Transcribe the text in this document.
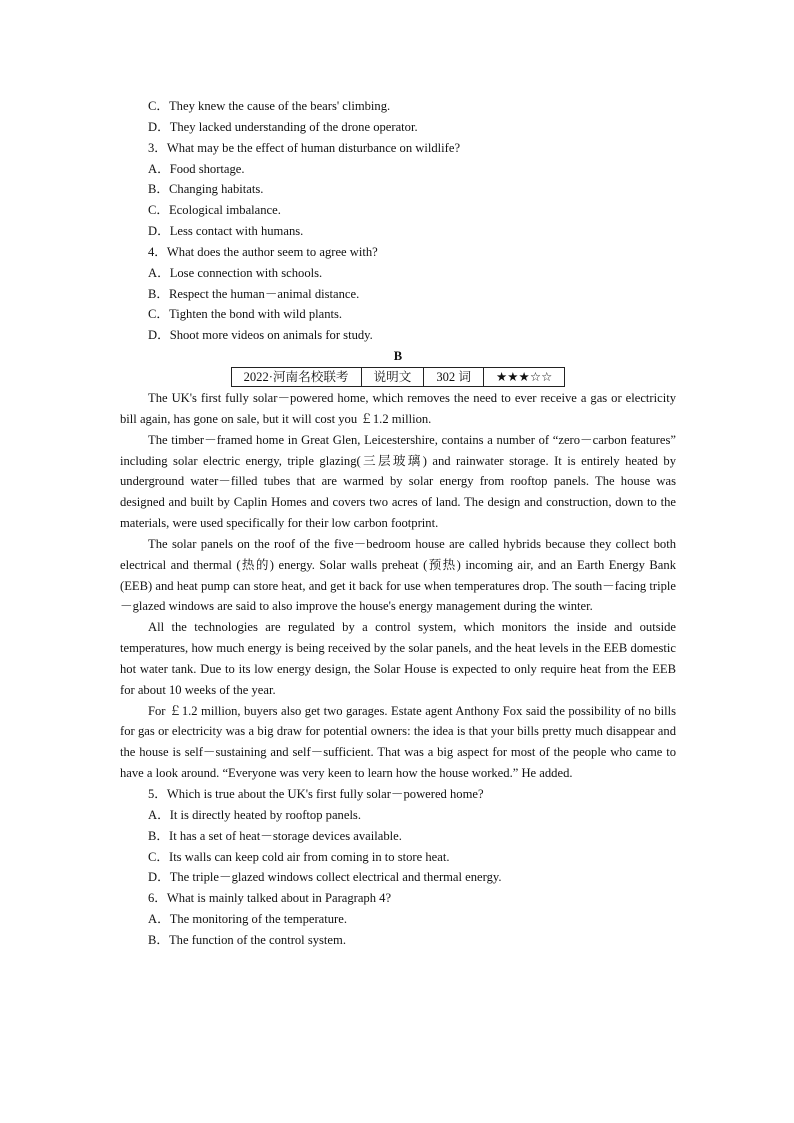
C．They knew the cause of the bears' climbing.

D．They lacked understanding of the drone operator.

3．What may be the effect of human disturbance on wildlife?

A．Food shortage.

B．Changing habitats.

C．Ecological imbalance.

D．Less contact with humans.

4．What does the author seem to agree with?

A．Lose connection with schools.

B．Respect the human－animal distance.

C．Tighten the bond with wild plants.

D．Shoot more videos on animals for study.

B

2022·河南名校联考	说明文	302 词	★★★☆☆

The UK's first fully solar－powered home, which removes the need to ever receive a gas or electricity bill again, has gone on sale, but it will cost you ￡1.2 million.

The timber－framed home in Great Glen, Leicestershire, contains a number of “zero－carbon features” including solar electric energy, triple glazing(三层玻璃) and rainwater storage. It is entirely heated by underground water－filled tubes that are warmed by solar energy from rooftop panels. The house was designed and built by Caplin Homes and covers two acres of land. The design and construction, down to the materials, were used specifically for their low carbon footprint.

The solar panels on the roof of the five－bedroom house are called hybrids because they collect both electrical and thermal (热的) energy. Solar walls preheat (预热) incoming air, and an Earth Energy Bank (EEB) and heat pump can store heat, and get it back for use when temperatures drop. The south－facing triple－glazed windows are said to also improve the house's energy management during the winter.

All the technologies are regulated by a control system, which monitors the inside and outside temperatures, how much energy is being received by the solar panels, and the heat levels in the EEB domestic hot water tank. Due to its low energy design, the Solar House is expected to only require heat from the EEB for about 10 weeks of the year.

For ￡1.2 million, buyers also get two garages. Estate agent Anthony Fox said the possibility of no bills for gas or electricity was a big draw for potential owners: the idea is that your bills pretty much disappear and the house is self－sustaining and self－sufficient. That was a big aspect for most of the people who came to have a look around. “Everyone was very keen to learn how the house worked.” He added.

5．Which is true about the UK's first fully solar－powered home?

A．It is directly heated by rooftop panels.

B．It has a set of heat－storage devices available.

C．Its walls can keep cold air from coming in to store heat.

D．The triple－glazed windows collect electrical and thermal energy.

6．What is mainly talked about in Paragraph 4?

A．The monitoring of the temperature.

B．The function of the control system.
